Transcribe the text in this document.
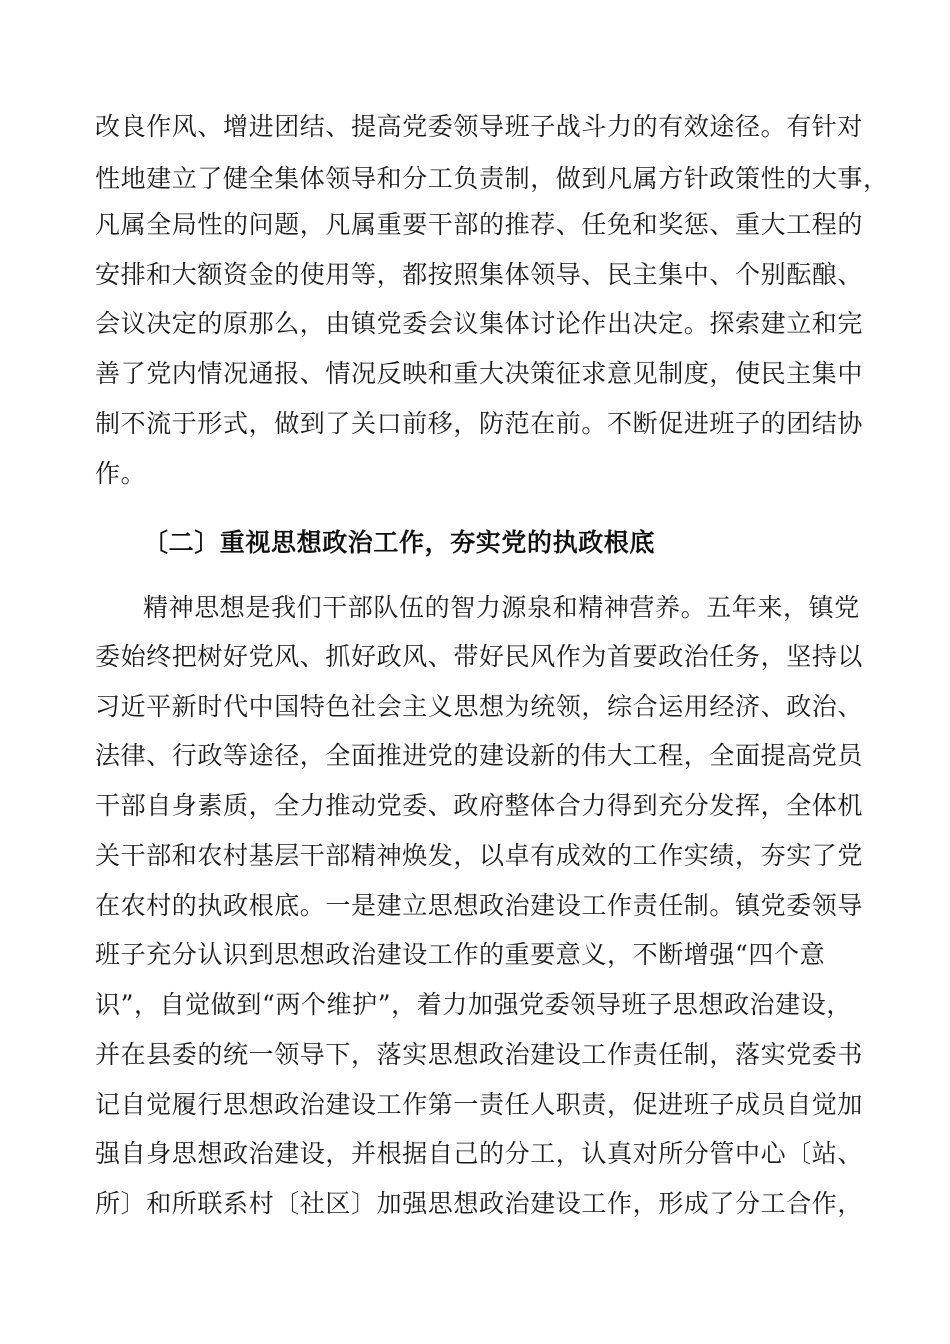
改良作风、增进团结、提高党委领导班子战斗力的有效途径。有针对
性地建立了健全集体领导和分工负责制，做到凡属方针政策性的大事，
凡属全局性的问题，凡属重要干部的推荐、任免和奖惩、重大工程的
安排和大额资金的使用等，都按照集体领导、民主集中、个别酝酿、
会议决定的原那么，由镇党委会议集体讨论作出决定。探索建立和完
善了党内情况通报、情况反映和重大决策征求意见制度，使民主集中
制不流于形式，做到了关口前移，防范在前。不断促进班子的团结协
作。
〔二〕重视思想政治工作，夯实党的执政根底
精神思想是我们干部队伍的智力源泉和精神营养。五年来，镇党
委始终把树好党风、抓好政风、带好民风作为首要政治任务，坚持以
习近平新时代中国特色社会主义思想为统领，综合运用经济、政治、
法律、行政等途径，全面推进党的建设新的伟大工程，全面提高党员
干部自身素质，全力推动党委、政府整体合力得到充分发挥，全体机
关干部和农村基层干部精神焕发，以卓有成效的工作实绩，夯实了党
在农村的执政根底。一是建立思想政治建设工作责任制。镇党委领导
班子充分认识到思想政治建设工作的重要意义，不断增强“四个意
识”，自觉做到“两个维护”，着力加强党委领导班子思想政治建设，
并在县委的统一领导下，落实思想政治建设工作责任制，落实党委书
记自觉履行思想政治建设工作第一责任人职责，促进班子成员自觉加
强自身思想政治建设，并根据自己的分工，认真对所分管中心〔站、
所〕和所联系村〔社区〕加强思想政治建设工作，形成了分工合作，
